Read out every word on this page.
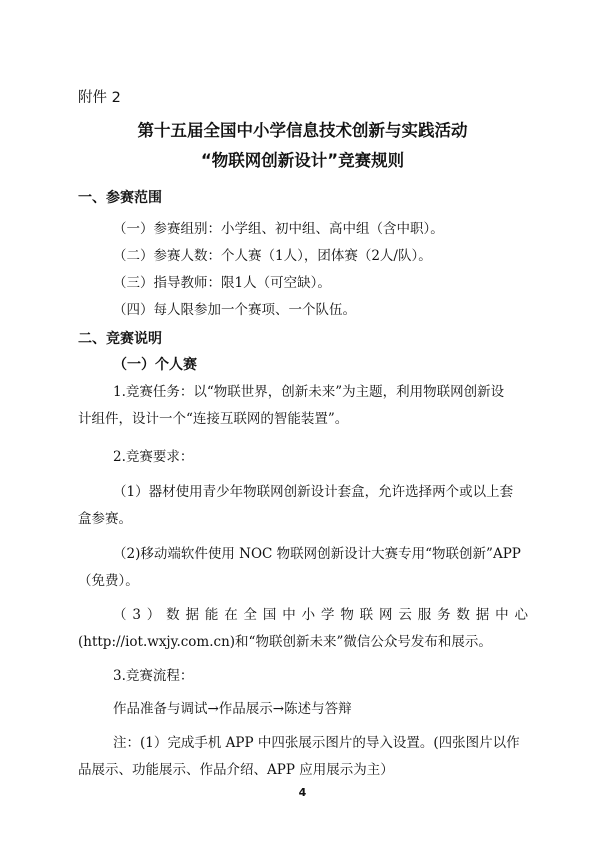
附件 2
第十五届全国中小学信息技术创新与实践活动
“物联网创新设计”竞赛规则
一、参赛范围
（一）参赛组别：小学组、初中组、高中组（含中职）。
（二）参赛人数：个人赛（1人），团体赛（2人/队）。
（三）指导教师：限1人（可空缺）。
（四）每人限参加一个赛项、一个队伍。
二、竞赛说明
（一）个人赛
1.竞赛任务：以“物联世界，创新未来”为主题，利用物联网创新设
计组件，设计一个“连接互联网的智能装置”。
2.竞赛要求：
（1）器材使用青少年物联网创新设计套盒，允许选择两个或以上套
盒参赛。
（2)移动端软件使用 NOC 物联网创新设计大赛专用“物联创新”APP
（免费）。
（3）数据能在全国中小学物联网云服务数据中心
(http://iot.wxjy.com.cn)和“物联创新未来”微信公众号发布和展示。
3.竞赛流程：
作品准备与调试→作品展示→陈述与答辩
注：(1）完成手机 APP 中四张展示图片的导入设置。(四张图片以作
品展示、功能展示、作品介绍、APP 应用展示为主）
4
